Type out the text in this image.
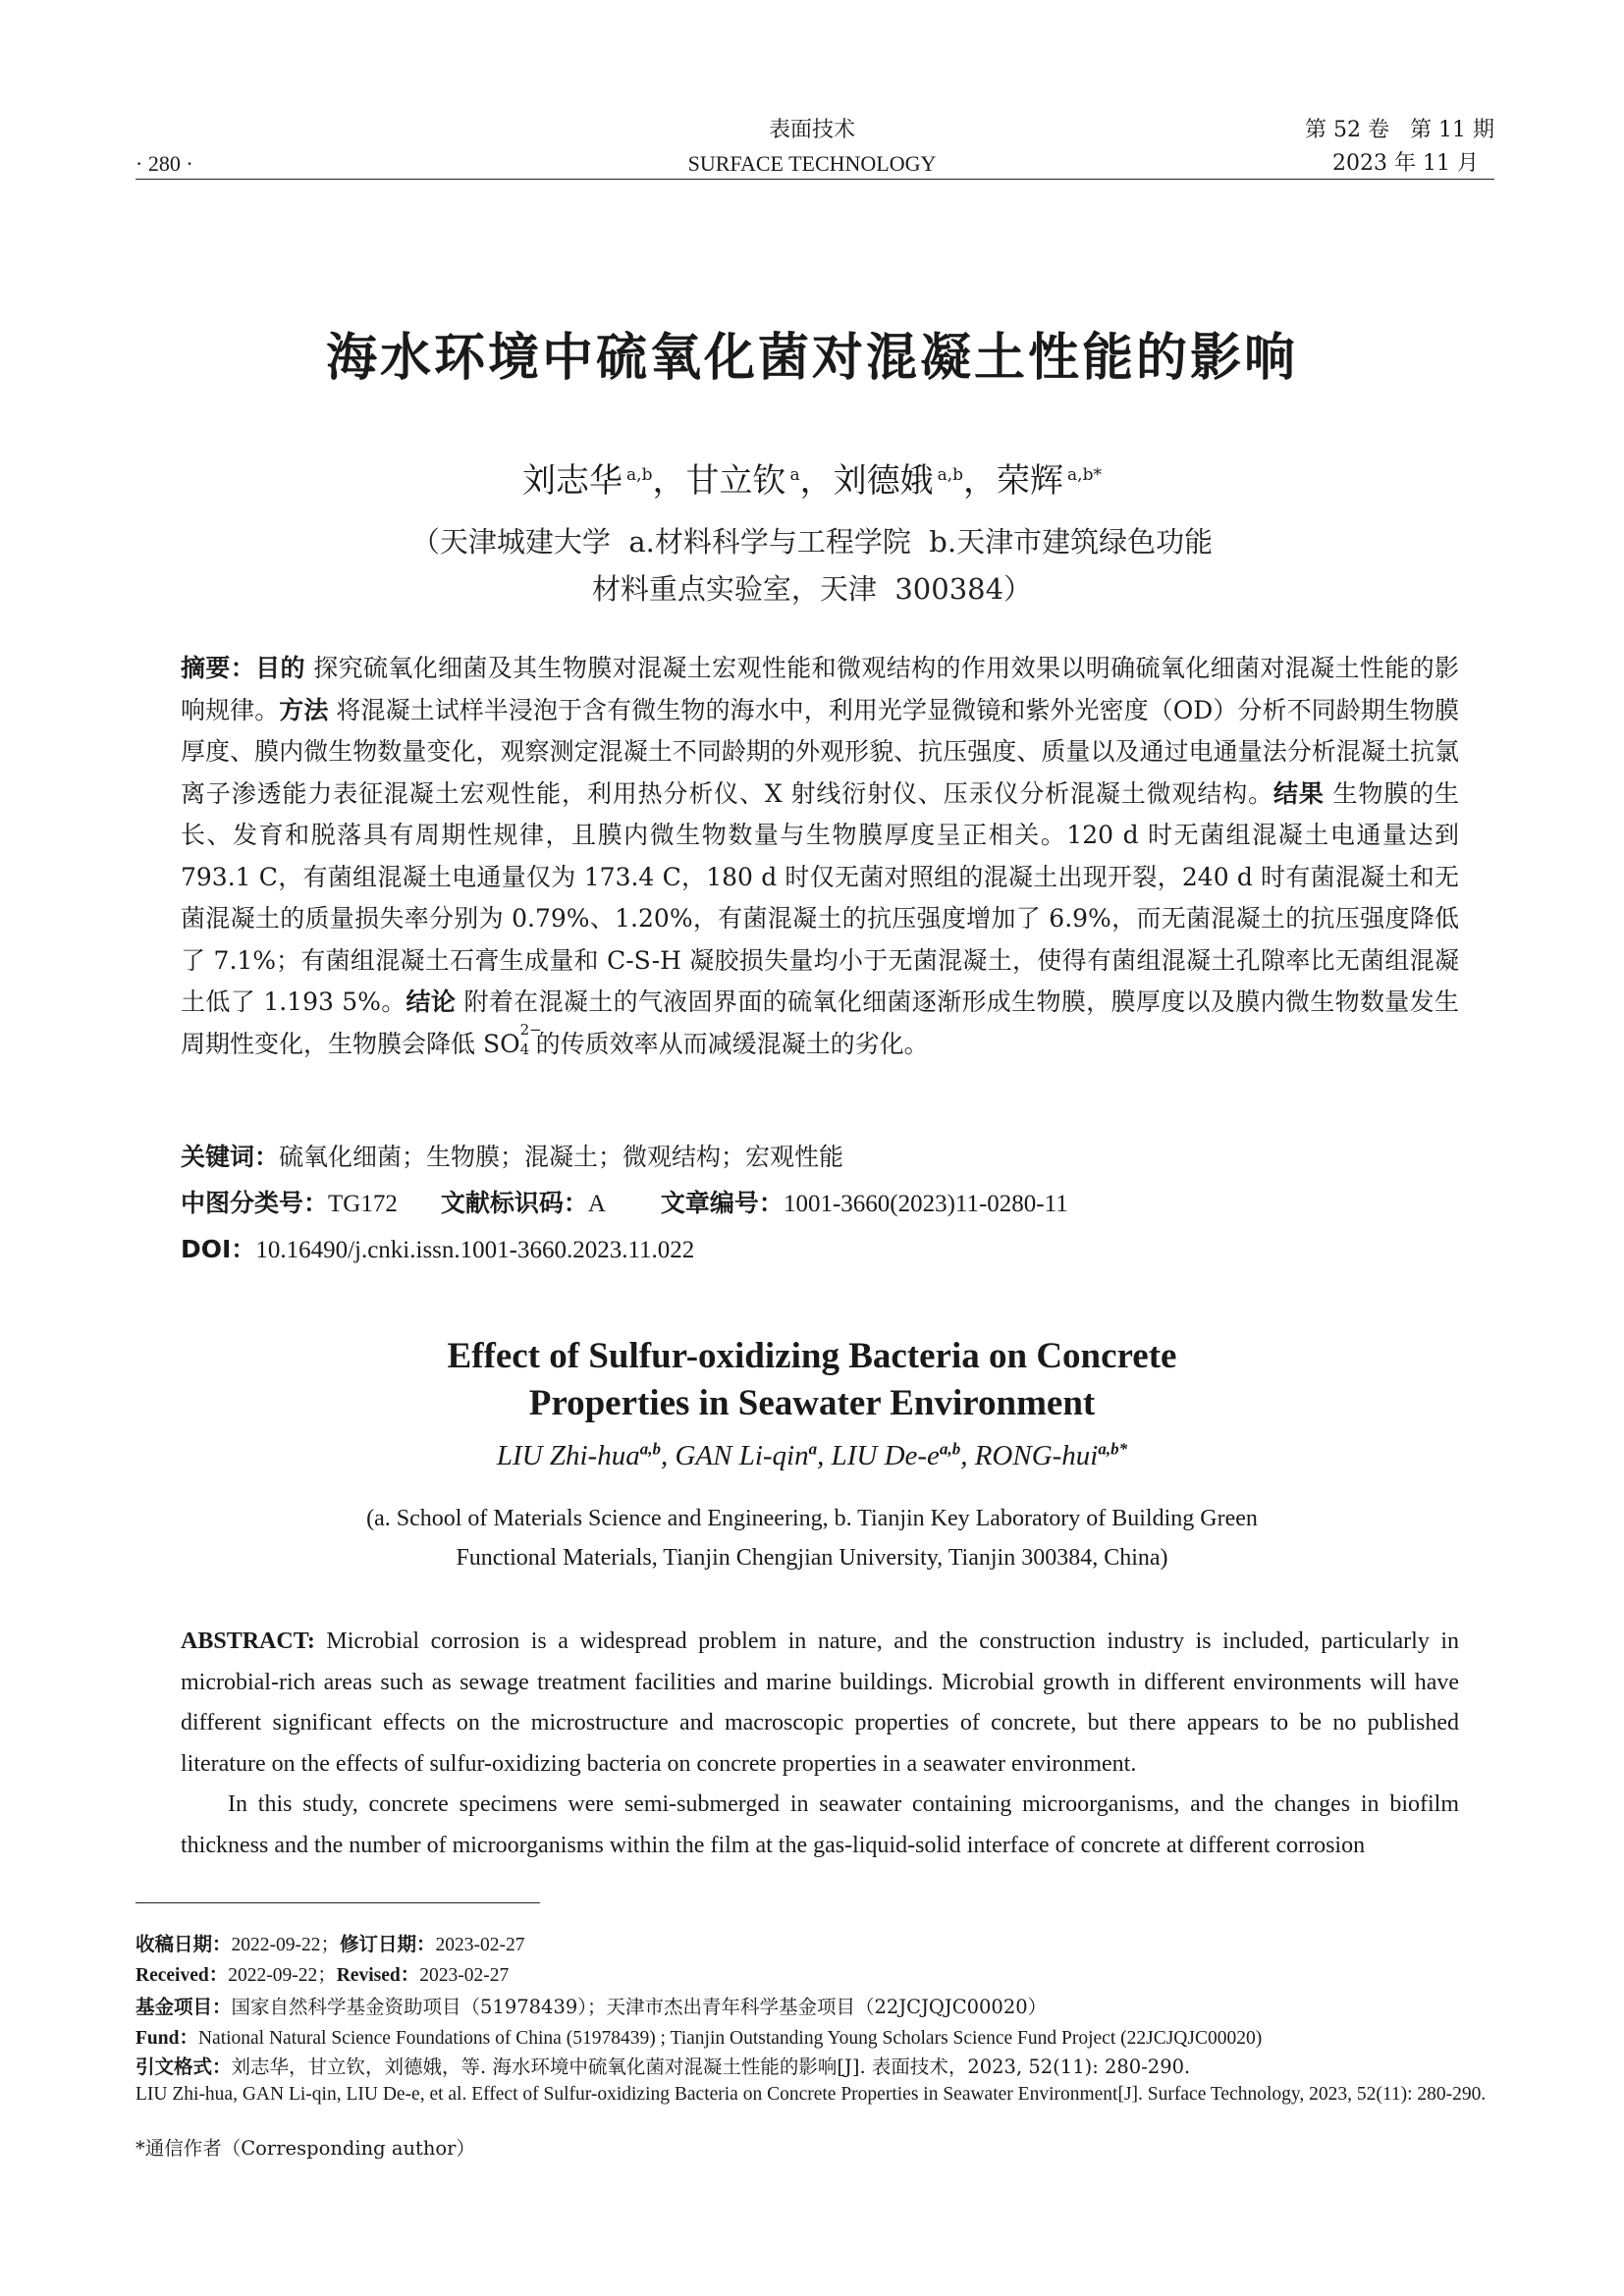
· 280 ·
表面技术
SURFACE TECHNOLOGY
第 52 卷   第 11 期
2023 年 11 月
海水环境中硫氧化菌对混凝土性能的影响
刘志华 $^{a,b}$，甘立钦 $^a$，刘德娥 $^{a,b}$，荣辉 $^{a,b*}$
（天津城建大学  a.材料科学与工程学院  b.天津市建筑绿色功能
材料重点实验室，天津  300384）
摘要：目的 探究硫氧化细菌及其生物膜对混凝土宏观性能和微观结构的作用效果以明确硫氧化细菌对混凝土性能的影响规律。方法 将混凝土试样半浸泡于含有微生物的海水中，利用光学显微镜和紫外光密度（OD）分析不同龄期生物膜厚度、膜内微生物数量变化，观察测定混凝土不同龄期的外观形貌、抗压强度、质量以及通过电通量法分析混凝土抗氯离子渗透能力表征混凝土宏观性能，利用热分析仪、X 射线衍射仪、压汞仪分析混凝土微观结构。结果 生物膜的生长、发育和脱落具有周期性规律，且膜内微生物数量与生物膜厚度呈正相关。120 d 时无菌组混凝土电通量达到 793.1 C，有菌组混凝土电通量仅为 173.4 C，180 d 时仅无菌对照组的混凝土出现开裂，240 d 时有菌混凝土和无菌混凝土的质量损失率分别为 0.79%、1.20%，有菌混凝土的抗压强度增加了 6.9%，而无菌混凝土的抗压强度降低了 7.1%；有菌组混凝土石膏生成量和 C-S-H 凝胶损失量均小于无菌混凝土，使得有菌组混凝土孔隙率比无菌组混凝土低了 1.193 5%。结论 附着在混凝土的气液固界面的硫氧化细菌逐渐形成生物膜，膜厚度以及膜内微生物数量发生周期性变化，生物膜会降低 SO 4
2−
的传质效率从而减缓混凝土的劣化。
关键词：硫氧化细菌；生物膜；混凝土；微观结构；宏观性能
中图分类号：TG172 文献标识码：A 文章编号：1001-3660(2023)11-0280-11
DOI：10.16490/j.cnki.issn.1001-3660.2023.11.022
Effect of Sulfur-oxidizing Bacteria on Concrete
Properties in Seawater Environment
LIU Zhi-hua$^{a,b}$, GAN Li-qin$^a$, LIU $De-e^{a,b}$, RONG-hui$^{a,b*}$
(a. School of Materials Science and Engineering, b. Tianjin Key Laboratory of Building Green
Functional Materials, Tianjin Chengjian University, Tianjin 300384, China)
ABSTRACT: Microbial corrosion is a widespread problem in nature, and the construction industry is included, particularly in microbial-rich areas such as sewage treatment facilities and marine buildings. Microbial growth in different environments will have different significant effects on the microstructure and macroscopic properties of concrete, but there appears to be no published literature on the effects of sulfur-oxidizing bacteria on concrete properties in a seawater environment.
In this study, concrete specimens were semi-submerged in seawater containing microorganisms, and the changes in biofilm thickness and the number of microorganisms within the film at the gas-liquid-solid interface of concrete at different corrosion
收稿日期：2022-09-22；修订日期：2023-02-27
Received：2022-09-22；Revised：2023-02-27
基金项目：国家自然科学基金资助项目（51978439）；天津市杰出青年科学基金项目（22JCJQJC00020）
Fund：National Natural Science Foundations of China (51978439) ; Tianjin Outstanding Young Scholars Science Fund Project (22JCJQJC00020)
引文格式：刘志华，甘立钦，刘德娥，等. 海水环境中硫氧化菌对混凝土性能的影响[J]. 表面技术，2023, 52(11): 280-290.
LIU Zhi-hua, GAN Li-qin, LIU De-e, et al. Effect of Sulfur-oxidizing Bacteria on Concrete Properties in Seawater Environment[J]. Surface Technology, 2023, 52(11): 280-290.
*通信作者（Corresponding author）
